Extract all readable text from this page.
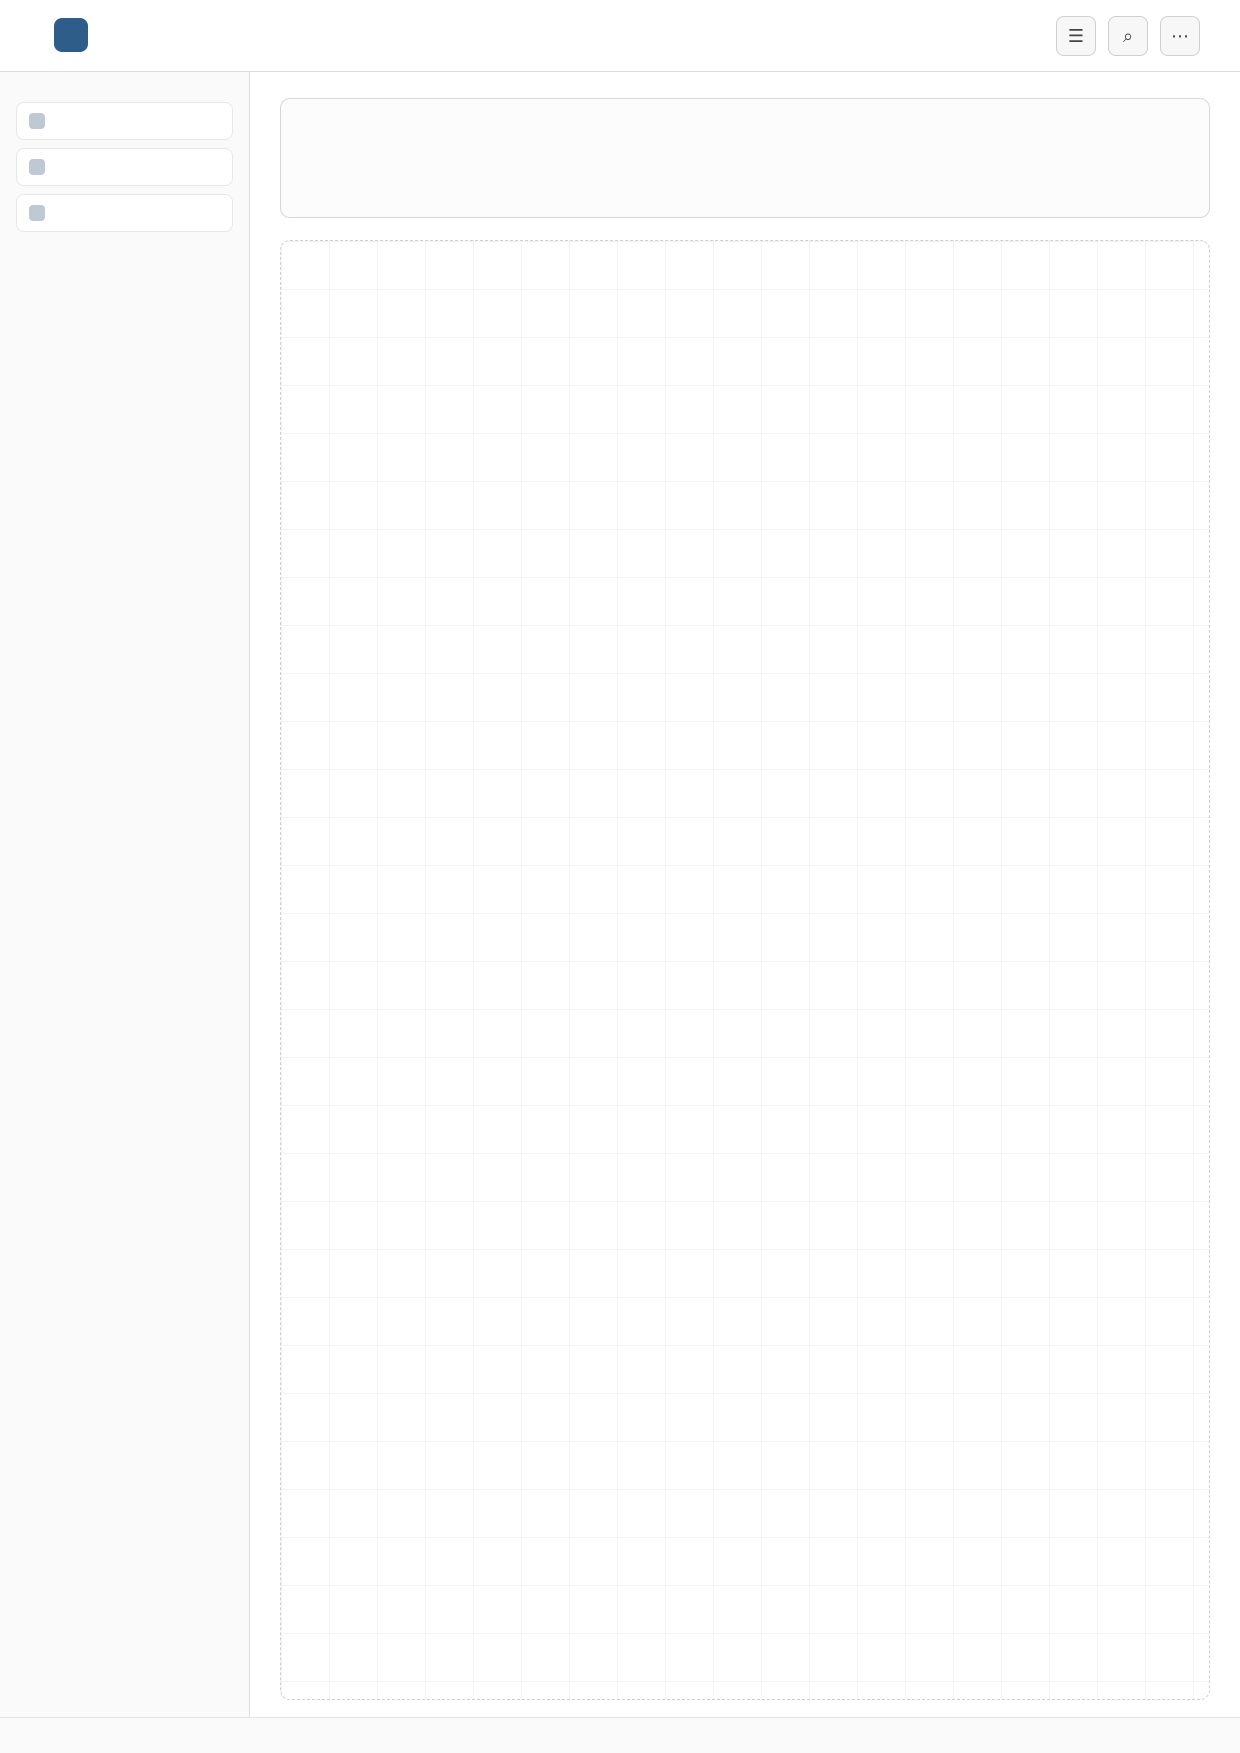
☰ ⌕ ⋯
